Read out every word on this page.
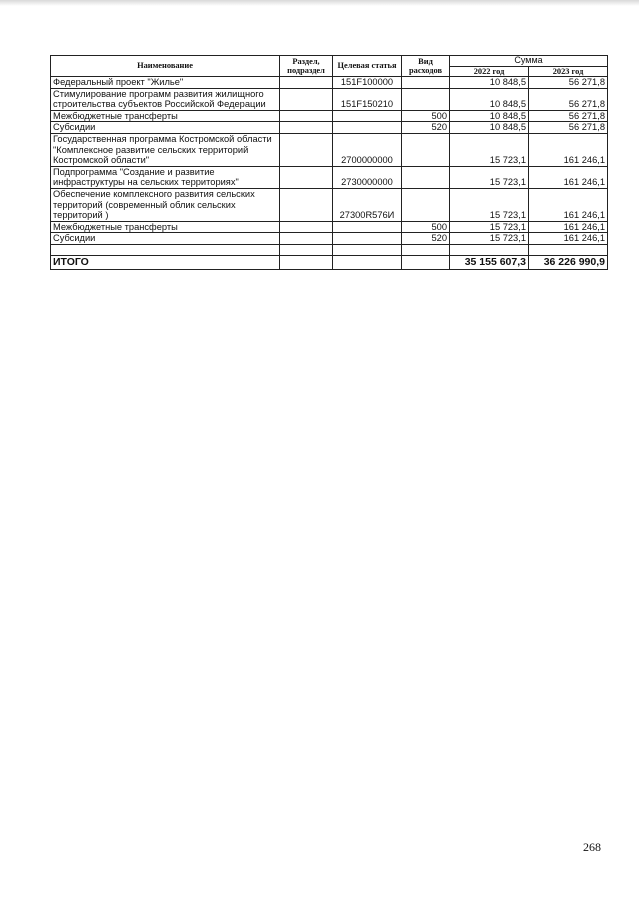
Наименование	Раздел, подраздел	Целевая статья	Вид расходов	Сумма	
				2022 год	2023 год
Федеральный проект "Жилье"		151F100000		10 848,5	56 271,8
Стимулирование программ развития жилищного строительства субъектов Российской Федерации		151F150210		10 848,5	56 271,8
Межбюджетные трансферты			500	10 848,5	56 271,8
Субсидии			520	10 848,5	56 271,8
Государственная программа Костромской области "Комплексное развитие сельских территорий Костромской области"		2700000000		15 723,1	161 246,1
Подпрограмма "Создание и развитие инфраструктуры на сельских территориях"		2730000000		15 723,1	161 246,1
Обеспечение комплексного развития сельских территорий (современный облик сельских территорий )		27300R576И		15 723,1	161 246,1
Межбюджетные трансферты			500	15 723,1	161 246,1
Субсидии			520	15 723,1	161 246,1

ИТОГО				35 155 607,3	36 226 990,9
268
